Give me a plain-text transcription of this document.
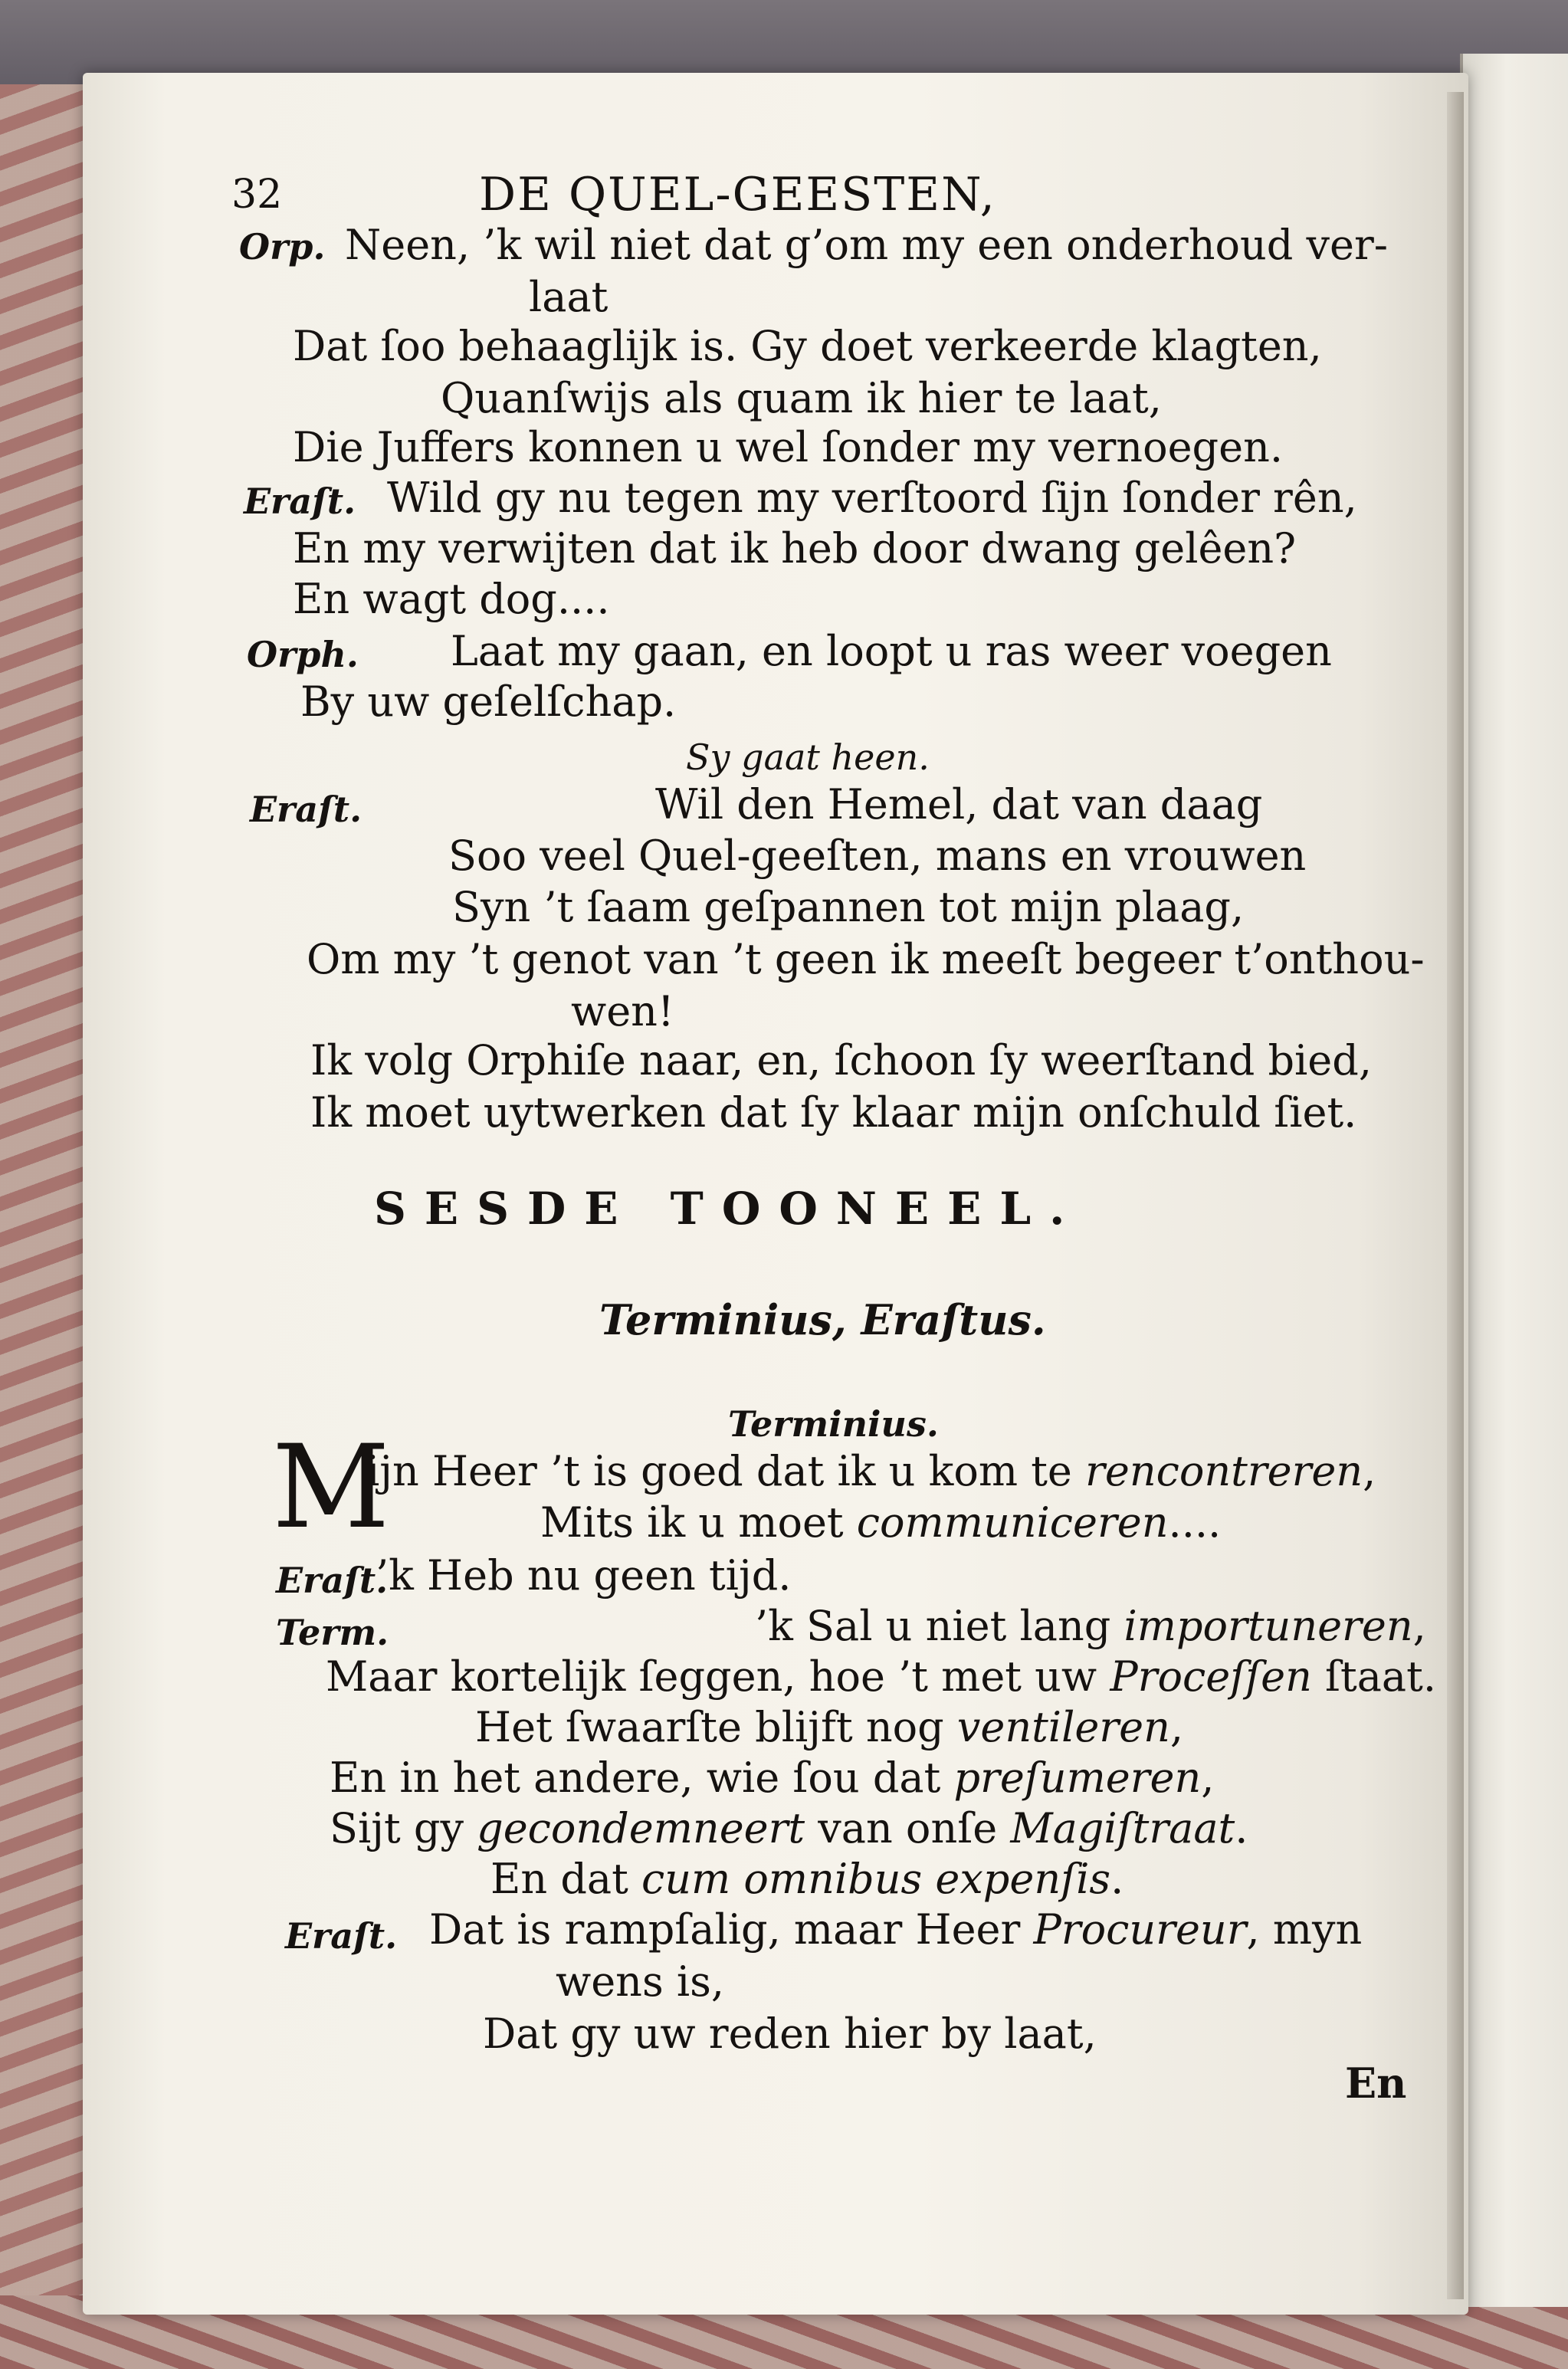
32	DE QUEL-GEESTEN,
Orp. Neen, ’k wil niet dat g’om my een onderhoud ver-
laat
Dat ſoo behaaglijk is. Gy doet verkeerde klagten,
Quanſwijs als quam ik hier te laat,
Die Juffers konnen u wel ſonder my vernoegen.
Eraſt. Wild gy nu tegen my verſtoord ſijn ſonder rên,
En my verwijten dat ik heb door dwang gelêen?
En wagt dog....
Orph. Laat my gaan, en loopt u ras weer voegen
By uw geſelſchap.
Sy gaat heen.
Eraſt.	Wil den Hemel, dat van daag
Soo veel Quel-geeſten, mans en vrouwen
Syn ’t ſaam geſpannen tot mijn plaag,
Om my ’t genot van ’t geen ik meeſt begeer t’onthou-
wen!
Ik volg Orphiſe naar, en, ſchoon ſy weerſtand bied,
Ik moet uytwerken dat ſy klaar mijn onſchuld ſiet.
SESDE TOONEEL.
Terminius, Eraſtus.
Terminius.
M
ijn Heer ’t is goed dat ik u kom te rencontreren,
Mits ik u moet communiceren....
Eraſt.
’k Heb nu geen tijd.
Term.	’k Sal u niet lang importuneren,
Maar kortelijk ſeggen, hoe ’t met uw Proceſſen ſtaat.
Het ſwaarſte blijft nog ventileren,
En in het andere, wie ſou dat preſumeren,
Sijt gy gecondemneert van onſe Magiſtraat.
En dat cum omnibus expenſis.
Eraſt. Dat is rampſalig, maar Heer Procureur, myn
wens is,
Dat gy uw reden hier by laat,
En
